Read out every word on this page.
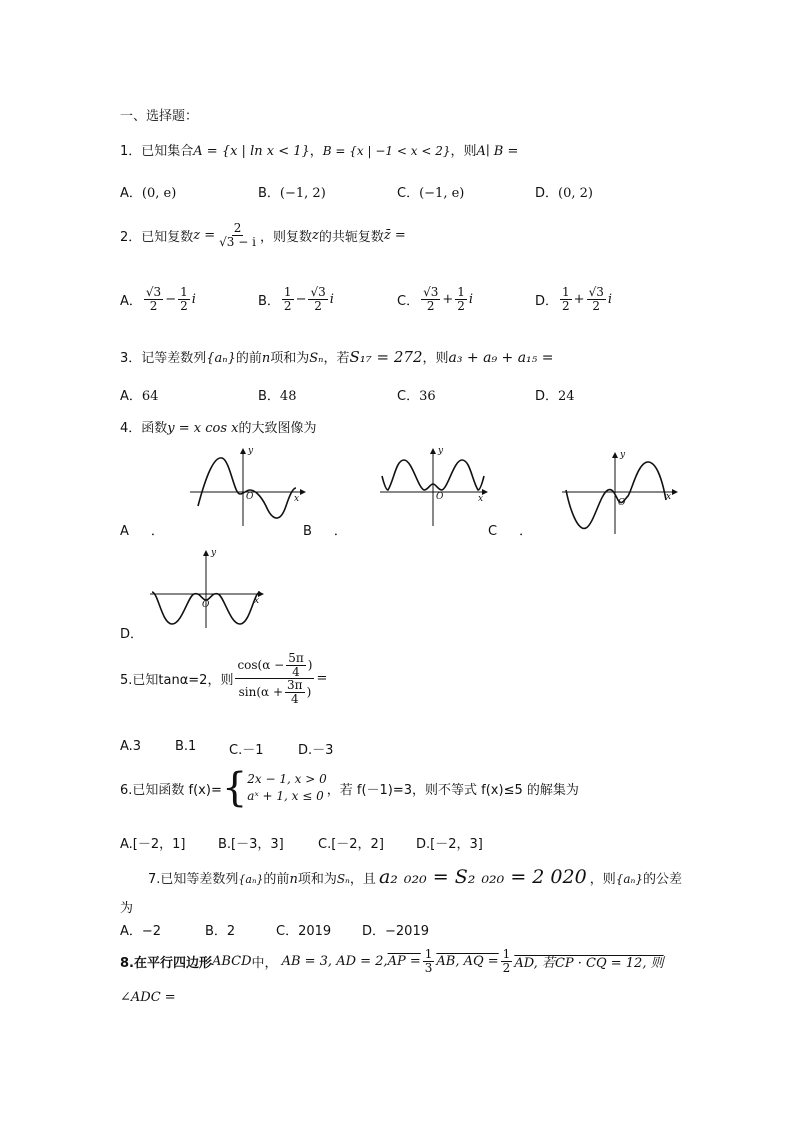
一、选择题：
1．已知集合A = {x | ln x < 1}，B = {x | −1 < x < 2}，则A∣ B =
A．(0, e)	B．(−1, 2)	C．(−1, e)	D．(0, 2)
2．已知复数 $z = \frac{2}{√3 - i}$ ，则复数 z 的共轭复数 z̄ =
A． $\frac{√3}{2} - \frac{1}{2}$ i	B． $\frac{1}{2} - \frac{√3}{2}$ i	C． $\frac{√3}{2} + \frac{1}{2}$ i	D． $\frac{1}{2} + \frac{√3}{2}$ i
3．记等差数列{aₙ}的前n项和为Sₙ，若S₁₇ = 272，则a₃ + a₉ + a₁₅ =
A．64	B．48	C．36	D．24
4．函数y = x cos x的大致图像为
y
x
O
A ．
y
x
O
B ．
y
x
O
C ．
y
x
O
D．
5.已知tanα=2，则 $\frac{\cos(\alpha - \frac{5\pi}{4} )}{\sin(\alpha + \frac{3\pi}{4} )}$ =
A.3	B.1	C.－1	D.－3
6.已知函数 f(x)= { 2x − 1, x > 0
aˣ + 1, x ≤ 0 ，若 f(－1)=3，则不等式 f(x)≤5 的解集为
A.[－2，1]	B.[－3，3]	C.[－2，2] D.[－2，3]
7.已知等差数列 {aₙ} 的前 n 项和为 Sₙ ，且 a₂ ₀₂₀ = S₂ ₀₂₀ = 2 020 ，则 {aₙ} 的公差
为
A．−2	B．2	C．2019 D．−2019
8.在平行四边形 ABCD 中， AB = 3, AD = 2, AP = $\frac{1}{3}$ AB, AQ = $\frac{1}{2}$ AD, 若 CP · CQ = 12, 则
∠ADC =
